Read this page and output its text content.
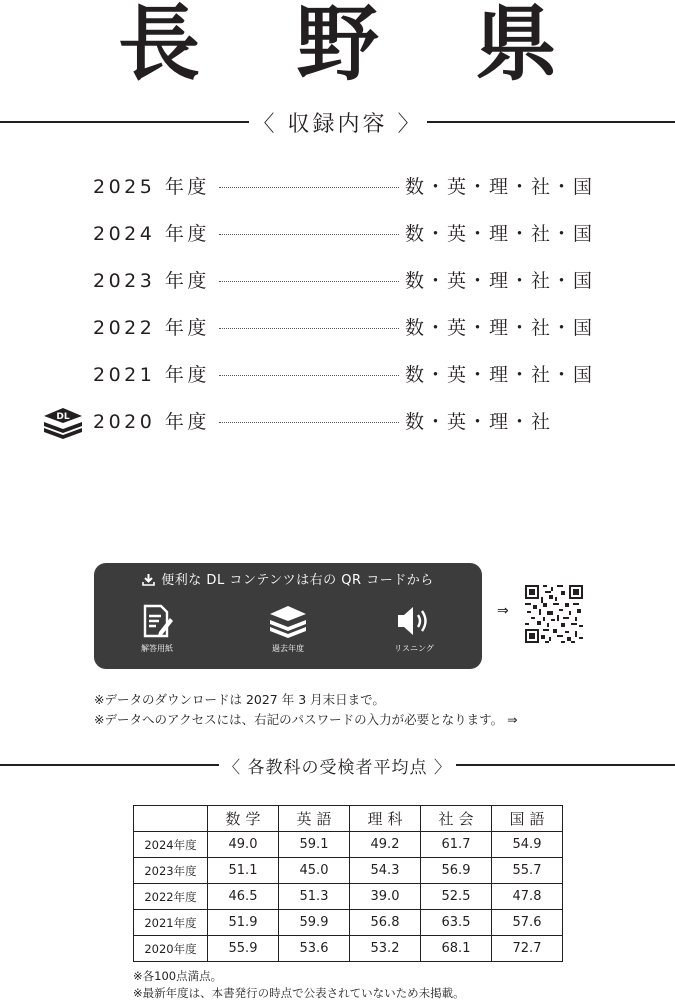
長 野 県
〈 収録内容 〉
2025 年度	数・英・理・社・国
2024 年度	数・英・理・社・国
2023 年度	数・英・理・社・国
2022 年度	数・英・理・社・国
2021 年度	数・英・理・社・国
2020 年度	数・英・理・社
DL
便利な DL コンテンツは右の QR コードから
解答用紙	過去年度	リスニング
⇒
※データのダウンロードは 2027 年 3 月末日まで。
※データへのアクセスには、右記のパスワードの入力が必要となります。 ⇒
〈 各教科の受検者平均点 〉
	数学	英語	理科	社会	国語
2024年度	49.0	59.1	49.2	61.7	54.9
2023年度	51.1	45.0	54.3	56.9	55.7
2022年度	46.5	51.3	39.0	52.5	47.8
2021年度	51.9	59.9	56.8	63.5	57.6
2020年度	55.9	53.6	53.2	68.1	72.7
※各100点満点。
※最新年度は、本書発行の時点で公表されていないため未掲載。
